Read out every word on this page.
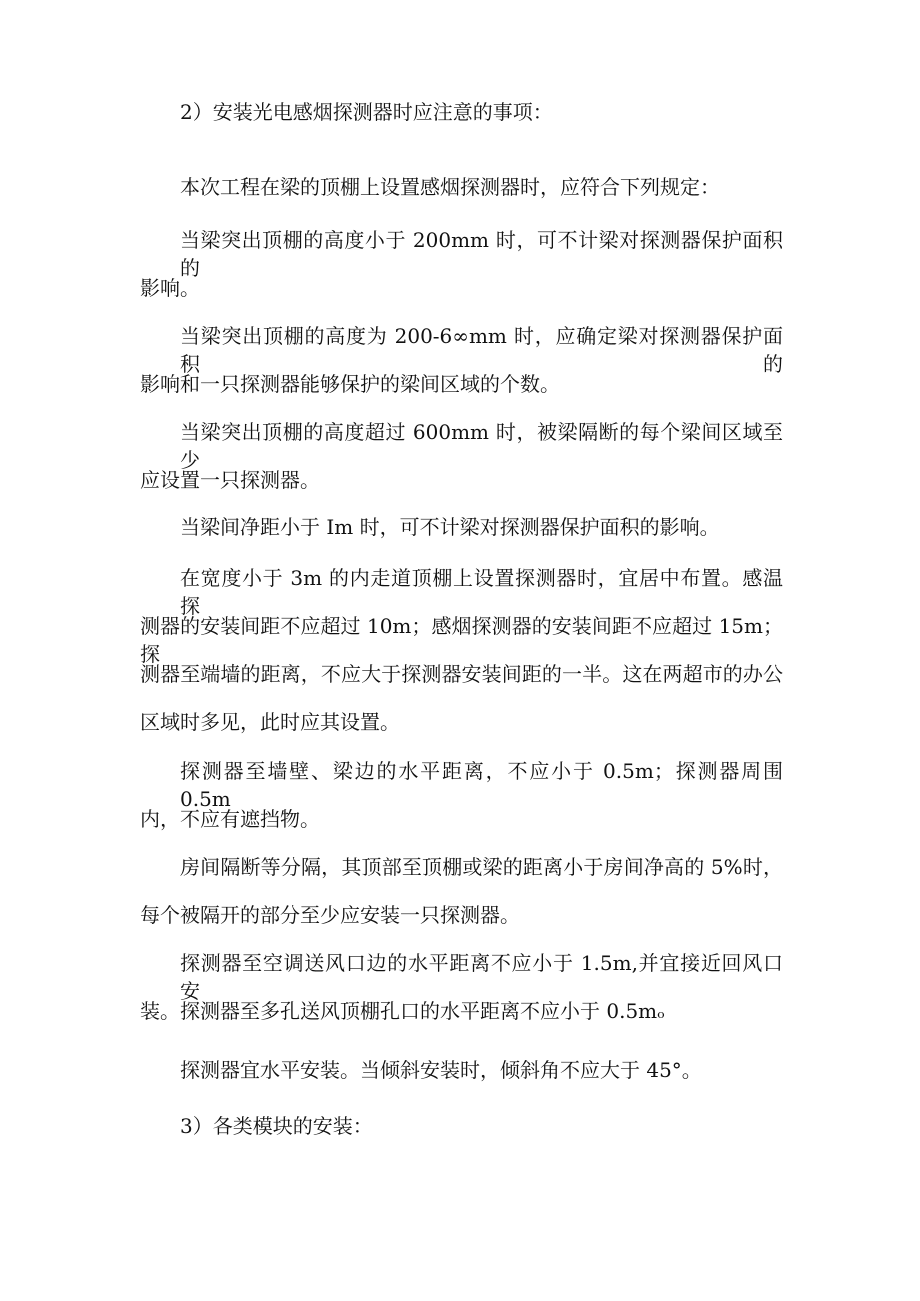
2）安装光电感烟探测器时应注意的事项：
本次工程在梁的顶棚上设置感烟探测器时，应符合下列规定：
当梁突出顶棚的高度小于 200mm 时，可不计梁对探测器保护面积的
影响。
当梁突出顶棚的高度为 200-6∞mm 时，应确定梁对探测器保护面积的
影响和一只探测器能够保护的梁间区域的个数。
当梁突出顶棚的高度超过 600mm 时，被梁隔断的每个梁间区域至少
应设置一只探测器。
当梁间净距小于 Im 时，可不计梁对探测器保护面积的影响。
在宽度小于 3m 的内走道顶棚上设置探测器时，宜居中布置。感温探
测器的安装间距不应超过 10m；感烟探测器的安装间距不应超过 15m；探
测器至端墙的距离，不应大于探测器安装间距的一半。这在两超市的办公
区域时多见，此时应其设置。
探测器至墙壁、梁边的水平距离，不应小于 0.5m；探测器周围 0.5m
内，不应有遮挡物。
房间隔断等分隔，其顶部至顶棚或梁的距离小于房间净高的 5%时，
每个被隔开的部分至少应安装一只探测器。
探测器至空调送风口边的水平距离不应小于 1.5m,并宜接近回风口安
装。探测器至多孔送风顶棚孔口的水平距离不应小于 0.5mₒ
探测器宜水平安装。当倾斜安装时，倾斜角不应大于 45°。
3）各类模块的安装：
